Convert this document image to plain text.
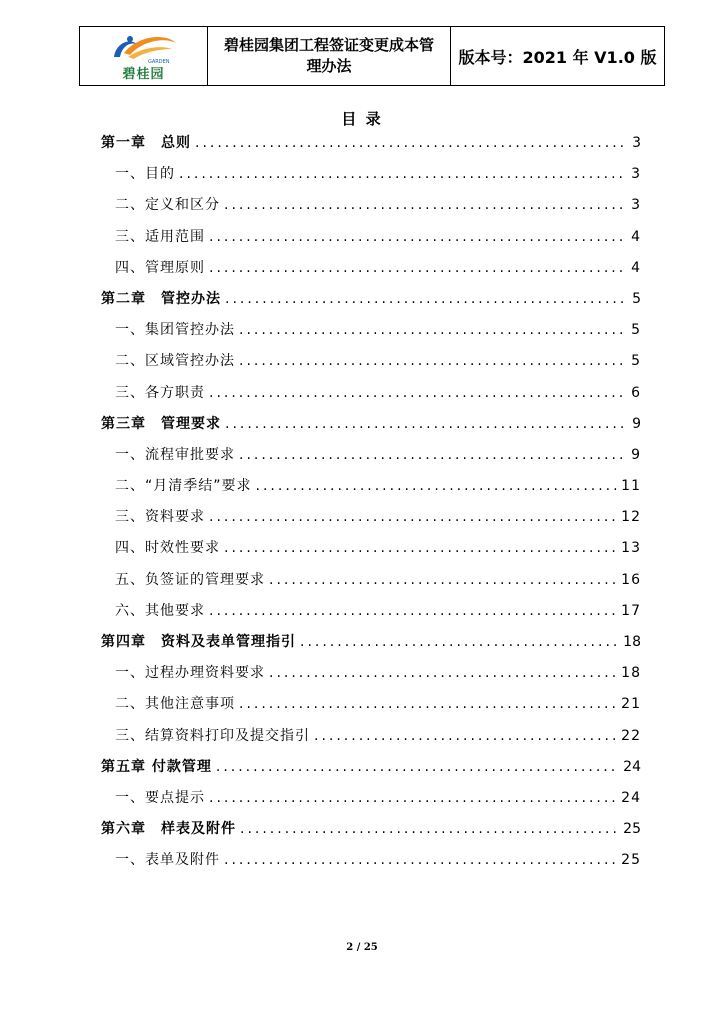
GARDEN
碧桂园
碧桂园集团工程签证变更成本管理办法	版本号：2021 年 V1.0 版
目 录
第一章　总则 .....	3
一、目的 .....	3
二、定义和区分 .....	3
三、适用范围 .....	4
四、管理原则 .....	4
第二章　管控办法 .....	5
一、集团管控办法 .....	5
二、区域管控办法 .....	5
三、各方职责 .....	6
第三章　管理要求 .....	9
一、流程审批要求 .....	9
二、“月清季结”要求 .....	11
三、资料要求 .....	12
四、时效性要求 .....	13
五、负签证的管理要求 .....	16
六、其他要求 .....	17
第四章　资料及表单管理指引 .....	18
一、过程办理资料要求 .....	18
二、其他注意事项 .....	21
三、结算资料打印及提交指引 .....	22
第五章 付款管理 .....	24
一、要点提示 .....	24
第六章　样表及附件 .....	25
一、表单及附件 .....	25
2 / 25
